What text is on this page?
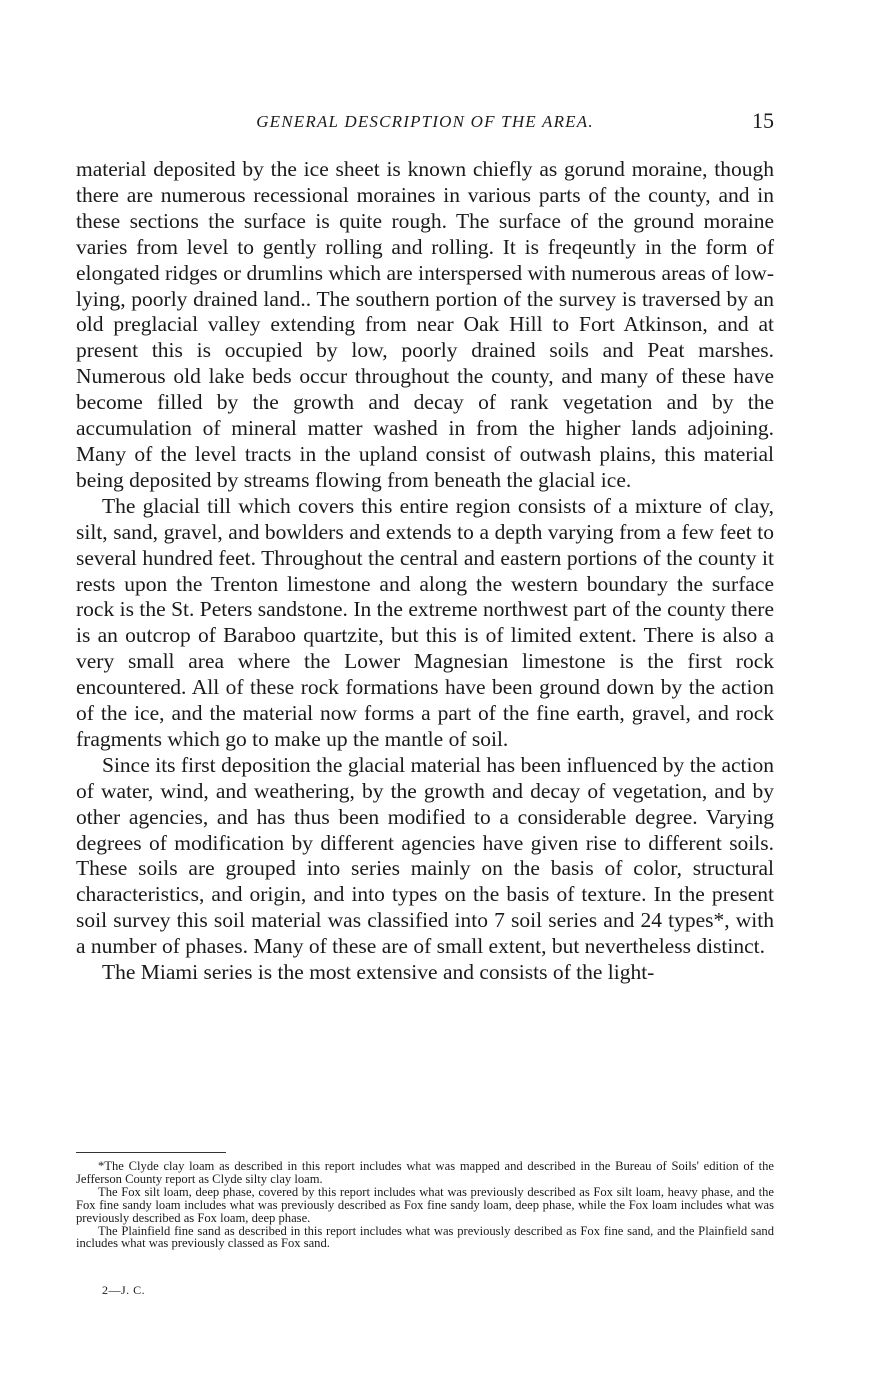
GENERAL DESCRIPTION OF THE AREA.	15

material deposited by the ice sheet is known chiefly as gorund moraine, though there are numerous recessional moraines in various parts of the county, and in these sections the surface is quite rough. The surface of the ground moraine varies from level to gently rolling and rolling. It is freqeuntly in the form of elongated ridges or drumlins which are interspersed with numerous areas of low-lying, poorly drained land.. The southern portion of the survey is traversed by an old preglacial valley extending from near Oak Hill to Fort Atkinson, and at present this is occupied by low, poorly drained soils and Peat marshes. Numerous old lake beds occur throughout the county, and many of these have become filled by the growth and decay of rank vegetation and by the accumulation of mineral matter washed in from the higher lands adjoining. Many of the level tracts in the upland consist of outwash plains, this material being deposited by streams flowing from beneath the glacial ice.

The glacial till which covers this entire region consists of a mixture of clay, silt, sand, gravel, and bowlders and extends to a depth varying from a few feet to several hundred feet. Throughout the central and eastern portions of the county it rests upon the Trenton limestone and along the western boundary the surface rock is the St. Peters sandstone. In the extreme northwest part of the county there is an outcrop of Baraboo quartzite, but this is of limited extent. There is also a very small area where the Lower Magnesian limestone is the first rock encountered. All of these rock formations have been ground down by the action of the ice, and the material now forms a part of the fine earth, gravel, and rock fragments which go to make up the mantle of soil.

Since its first deposition the glacial material has been influenced by the action of water, wind, and weathering, by the growth and decay of vegetation, and by other agencies, and has thus been modified to a considerable degree. Varying degrees of modification by different agencies have given rise to different soils. These soils are grouped into series mainly on the basis of color, structural characteristics, and origin, and into types on the basis of texture. In the present soil survey this soil material was classified into 7 soil series and 24 types*, with a number of phases. Many of these are of small extent, but nevertheless distinct.

The Miami series is the most extensive and consists of the light-

*The Clyde clay loam as described in this report includes what was mapped and described in the Bureau of Soils' edition of the Jefferson County report as Clyde silty clay loam.

The Fox silt loam, deep phase, covered by this report includes what was previously described as Fox silt loam, heavy phase, and the Fox fine sandy loam includes what was previously described as Fox fine sandy loam, deep phase, while the Fox loam includes what was previously described as Fox loam, deep phase.

The Plainfield fine sand as described in this report includes what was previously described as Fox fine sand, and the Plainfield sand includes what was previously classed as Fox sand.

2—J. C.
